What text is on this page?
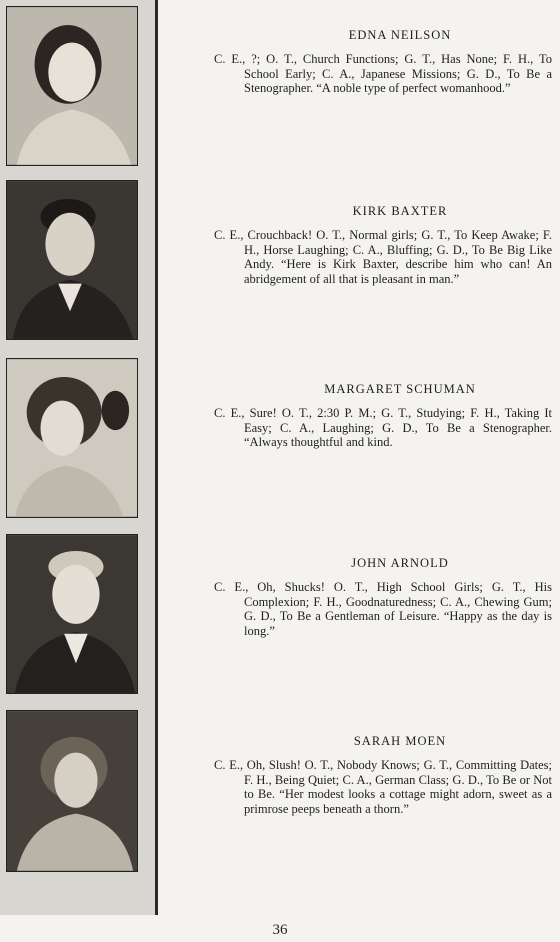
EDNA NEILSON
C. E., ?; O. T., Church Functions; G. T., Has None; F. H., To School Early; C. A., Japanese Missions; G. D., To Be a Stenographer. “A noble type of perfect womanhood.”
KIRK BAXTER
C. E., Crouchback! O. T., Normal girls; G. T., To Keep Awake; F. H., Horse Laughing; C. A., Bluffing; G. D., To Be Big Like Andy. “Here is Kirk Baxter, describe him who can! An abridgement of all that is pleasant in man.”
MARGARET SCHUMAN
C. E., Sure! O. T., 2:30 P. M.; G. T., Studying; F. H., Taking It Easy; C. A., Laughing; G. D., To Be a Stenographer. “Always thoughtful and kind.
JOHN ARNOLD
C. E., Oh, Shucks! O. T., High School Girls; G. T., His Complexion; F. H., Goodnaturedness; C. A., Chewing Gum; G. D., To Be a Gentleman of Leisure. “Happy as the day is long.”
SARAH MOEN
C. E., Oh, Slush! O. T., Nobody Knows; G. T., Committing Dates; F. H., Being Quiet; C. A., German Class; G. D., To Be or Not to Be. “Her modest looks a cottage might adorn, sweet as a primrose peeps beneath a thorn.”
36
